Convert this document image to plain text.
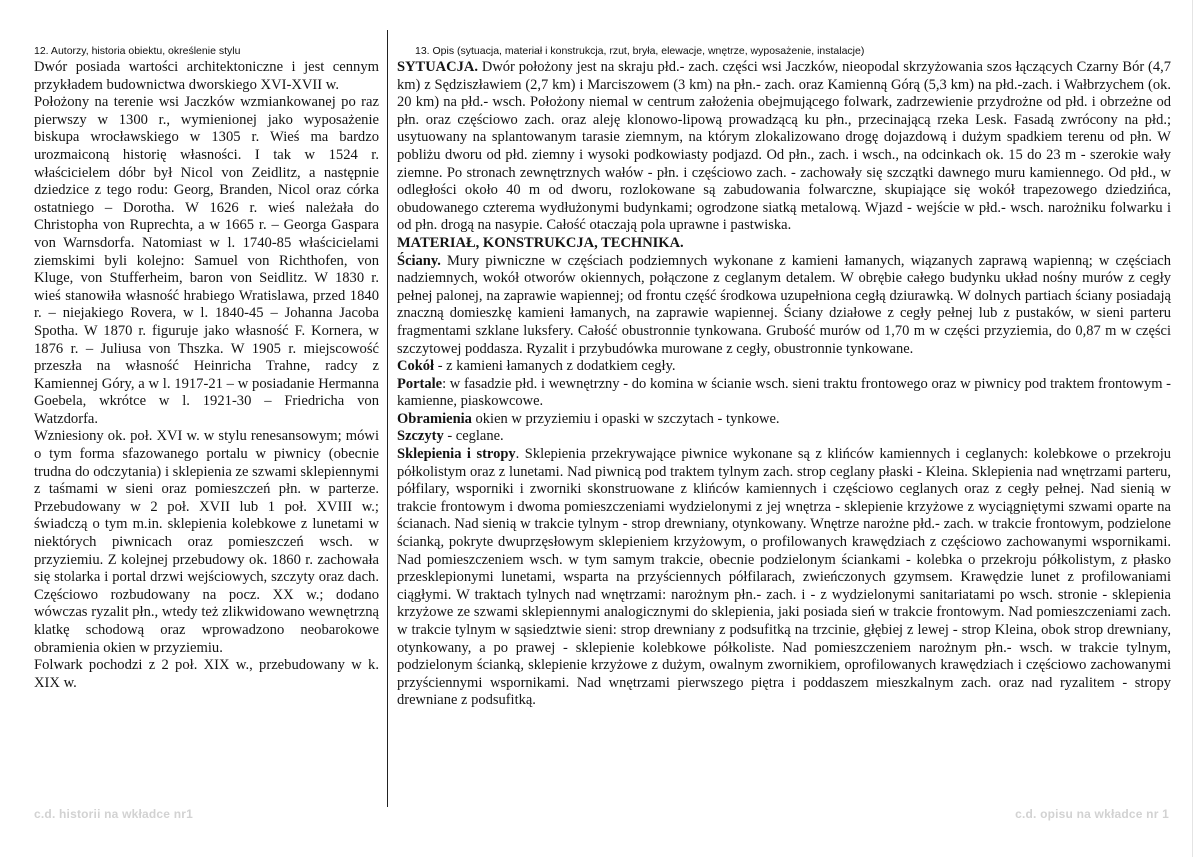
12. Autorzy, historia obiektu, określenie stylu

Dwór posiada wartości architektoniczne i jest cennym przykładem budownictwa dworskiego XVI-XVII w.

Położony na terenie wsi Jaczków wzmiankowanej po raz pierwszy w 1300 r., wymienionej jako wyposażenie biskupa wrocławskiego w 1305 r. Wieś ma bardzo urozmaiconą historię własności. I tak w 1524 r. właścicielem dóbr był Nicol von Zeidlitz, a następnie dziedzice z tego rodu: Georg, Branden, Nicol oraz córka ostatniego – Dorotha. W 1626 r. wieś należała do Christopha von Ruprechta, a w 1665 r. – Georga Gaspara von Warnsdorfa. Natomiast w l. 1740-85 właścicielami ziemskimi byli kolejno: Samuel von Richthofen, von Kluge, von Stufferheim, baron von Seidlitz. W 1830 r. wieś stanowiła własność hrabiego Wratislawa, przed 1840 r. – niejakiego Rovera, w l. 1840-45 – Johanna Jacoba Spotha. W 1870 r. figuruje jako własność F. Kornera, w 1876 r. – Juliusa von Thszka. W 1905 r. miejscowość przeszła na własność Heinricha Trahne, radcy z Kamiennej Góry, a w l. 1917-21 – w posiadanie Hermanna Goebela, wkrótce w l. 1921-30 – Friedricha von Watzdorfa.

Wzniesiony ok. poł. XVI w. w stylu renesansowym; mówi o tym forma sfazowanego portalu w piwnicy (obecnie trudna do odczytania) i sklepienia ze szwami sklepiennymi z taśmami w sieni oraz pomieszczeń płn. w parterze. Przebudowany w 2 poł. XVII lub 1 poł. XVIII w.; świadczą o tym m.in. sklepienia kolebkowe z lunetami w niektórych piwnicach oraz pomieszczeń wsch. w przyziemiu. Z kolejnej przebudowy ok. 1860 r. zachowała się stolarka i portal drzwi wejściowych, szczyty oraz dach. Częściowo rozbudowany na pocz. XX w.; dodano wówczas ryzalit płn., wtedy też zlikwidowano wewnętrzną klatkę schodową oraz wprowadzono neobarokowe obramienia okien w przyziemiu.

Folwark pochodzi z 2 poł. XIX w., przebudowany w k. XIX w.

13. Opis (sytuacja, materiał i konstrukcja, rzut, bryła, elewacje, wnętrze, wyposażenie, instalacje)

SYTUACJA. Dwór położony jest na skraju płd.- zach. części wsi Jaczków, nieopodal skrzyżowania szos łączących Czarny Bór (4,7 km) z Sędziszławiem (2,7 km) i Marciszowem (3 km) na płn.- zach. oraz Kamienną Górą (5,3 km) na płd.-zach. i Wałbrzychem (ok. 20 km) na płd.- wsch. Położony niemal w centrum założenia obejmującego folwark, zadrzewienie przydrożne od płd. i obrzeżne od płn. oraz częściowo zach. oraz aleję klonowo-lipową prowadzącą ku płn., przecinającą rzeka Lesk. Fasadą zwrócony na płd.; usytuowany na splantowanym tarasie ziemnym, na którym zlokalizowano drogę dojazdową i dużym spadkiem terenu od płn. W pobliżu dworu od płd. ziemny i wysoki podkowiasty podjazd. Od płn., zach. i wsch., na odcinkach ok. 15 do 23 m - szerokie wały ziemne. Po stronach zewnętrznych wałów - płn. i częściowo zach. - zachowały się szczątki dawnego muru kamiennego. Od płd., w odległości około 40 m od dworu, rozlokowane są zabudowania folwarczne, skupiające się wokół trapezowego dziedzińca, obudowanego czterema wydłużonymi budynkami; ogrodzone siatką metalową. Wjazd - wejście w płd.- wsch. narożniku folwarku i od płn. drogą na nasypie. Całość otaczają pola uprawne i pastwiska.

MATERIAŁ, KONSTRUKCJA, TECHNIKA.

Ściany. Mury piwniczne w częściach podziemnych wykonane z kamieni łamanych, wiązanych zaprawą wapienną; w częściach nadziemnych, wokół otworów okiennych, połączone z ceglanym detalem. W obrębie całego budynku układ nośny murów z cegły pełnej palonej, na zaprawie wapiennej; od frontu część środkowa uzupełniona cegłą dziurawką. W dolnych partiach ściany posiadają znaczną domieszkę kamieni łamanych, na zaprawie wapiennej. Ściany działowe z cegły pełnej lub z pustaków, w sieni parteru fragmentami szklane luksfery. Całość obustronnie tynkowana. Grubość murów od 1,70 m w części przyziemia, do 0,87 m w części szczytowej poddasza. Ryzalit i przybudówka murowane z cegły, obustronnie tynkowane.

Cokół - z kamieni łamanych z dodatkiem cegły.

Portale: w fasadzie płd. i wewnętrzny - do komina w ścianie wsch. sieni traktu frontowego oraz w piwnicy pod traktem frontowym - kamienne, piaskowcowe.

Obramienia okien w przyziemiu i opaski w szczytach - tynkowe.

Szczyty - ceglane.

Sklepienia i stropy. Sklepienia przekrywające piwnice wykonane są z klińców kamiennych i ceglanych: kolebkowe o przekroju półkolistym oraz z lunetami. Nad piwnicą pod traktem tylnym zach. strop ceglany płaski - Kleina. Sklepienia nad wnętrzami parteru, półfilary, wsporniki i zworniki skonstruowane z klińców kamiennych i częściowo ceglanych oraz z cegły pełnej. Nad sienią w trakcie frontowym i dwoma pomieszczeniami wydzielonymi z jej wnętrza - sklepienie krzyżowe z wyciągniętymi szwami oparte na ścianach. Nad sienią w trakcie tylnym - strop drewniany, otynkowany. Wnętrze narożne płd.- zach. w trakcie frontowym, podzielone ścianką, pokryte dwuprzęsłowym sklepieniem krzyżowym, o profilowanych krawędziach z częściowo zachowanymi wspornikami. Nad pomieszczeniem wsch. w tym samym trakcie, obecnie podzielonym ściankami - kolebka o przekroju półkolistym, z płasko przesklepionymi lunetami, wsparta na przyściennych półfilarach, zwieńczonych gzymsem. Krawędzie lunet z profilowaniami ciągłymi. W traktach tylnych nad wnętrzami: narożnym płn.- zach. i - z wydzielonymi sanitariatami po wsch. stronie - sklepienia krzyżowe ze szwami sklepiennymi analogicznymi do sklepienia, jaki posiada sień w trakcie frontowym. Nad pomieszczeniami zach. w trakcie tylnym w sąsiedztwie sieni: strop drewniany z podsufitką na trzcinie, głębiej z lewej - strop Kleina, obok strop drewniany, otynkowany, a po prawej - sklepienie kolebkowe półkoliste. Nad pomieszczeniem narożnym płn.- wsch. w trakcie tylnym, podzielonym ścianką, sklepienie krzyżowe z dużym, owalnym zwornikiem, oprofilowanych krawędziach i częściowo zachowanymi przyściennymi wspornikami. Nad wnętrzami pierwszego piętra i poddaszem mieszkalnym zach. oraz nad ryzalitem - stropy drewniane z podsufitką.

c.d. historii na wkładce nr1	c.d. opisu na wkładce nr 1
